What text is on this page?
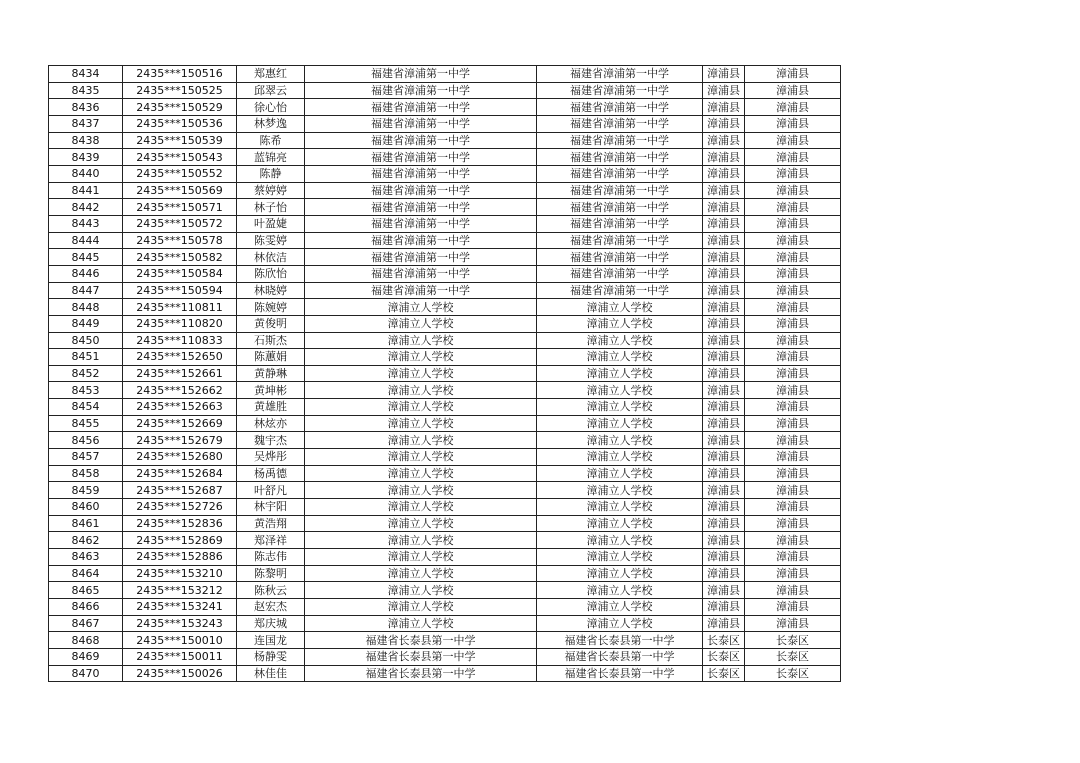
8434	2435***150516	郑惠红	福建省漳浦第一中学	福建省漳浦第一中学	漳浦县	漳浦县
8435	2435***150525	邱翠云	福建省漳浦第一中学	福建省漳浦第一中学	漳浦县	漳浦县
8436	2435***150529	徐心怡	福建省漳浦第一中学	福建省漳浦第一中学	漳浦县	漳浦县
8437	2435***150536	林梦逸	福建省漳浦第一中学	福建省漳浦第一中学	漳浦县	漳浦县
8438	2435***150539	陈希	福建省漳浦第一中学	福建省漳浦第一中学	漳浦县	漳浦县
8439	2435***150543	蓝锦亮	福建省漳浦第一中学	福建省漳浦第一中学	漳浦县	漳浦县
8440	2435***150552	陈静	福建省漳浦第一中学	福建省漳浦第一中学	漳浦县	漳浦县
8441	2435***150569	蔡婷婷	福建省漳浦第一中学	福建省漳浦第一中学	漳浦县	漳浦县
8442	2435***150571	林子怡	福建省漳浦第一中学	福建省漳浦第一中学	漳浦县	漳浦县
8443	2435***150572	叶盈婕	福建省漳浦第一中学	福建省漳浦第一中学	漳浦县	漳浦县
8444	2435***150578	陈雯婷	福建省漳浦第一中学	福建省漳浦第一中学	漳浦县	漳浦县
8445	2435***150582	林依洁	福建省漳浦第一中学	福建省漳浦第一中学	漳浦县	漳浦县
8446	2435***150584	陈欣怡	福建省漳浦第一中学	福建省漳浦第一中学	漳浦县	漳浦县
8447	2435***150594	林晓婷	福建省漳浦第一中学	福建省漳浦第一中学	漳浦县	漳浦县
8448	2435***110811	陈婉婷	漳浦立人学校	漳浦立人学校	漳浦县	漳浦县
8449	2435***110820	黄俊明	漳浦立人学校	漳浦立人学校	漳浦县	漳浦县
8450	2435***110833	石斯杰	漳浦立人学校	漳浦立人学校	漳浦县	漳浦县
8451	2435***152650	陈蕙娟	漳浦立人学校	漳浦立人学校	漳浦县	漳浦县
8452	2435***152661	黄静琳	漳浦立人学校	漳浦立人学校	漳浦县	漳浦县
8453	2435***152662	黄坤彬	漳浦立人学校	漳浦立人学校	漳浦县	漳浦县
8454	2435***152663	黄雄胜	漳浦立人学校	漳浦立人学校	漳浦县	漳浦县
8455	2435***152669	林炫亦	漳浦立人学校	漳浦立人学校	漳浦县	漳浦县
8456	2435***152679	魏宇杰	漳浦立人学校	漳浦立人学校	漳浦县	漳浦县
8457	2435***152680	吴烨彤	漳浦立人学校	漳浦立人学校	漳浦县	漳浦县
8458	2435***152684	杨禹德	漳浦立人学校	漳浦立人学校	漳浦县	漳浦县
8459	2435***152687	叶舒凡	漳浦立人学校	漳浦立人学校	漳浦县	漳浦县
8460	2435***152726	林宇阳	漳浦立人学校	漳浦立人学校	漳浦县	漳浦县
8461	2435***152836	黄浩翔	漳浦立人学校	漳浦立人学校	漳浦县	漳浦县
8462	2435***152869	郑泽祥	漳浦立人学校	漳浦立人学校	漳浦县	漳浦县
8463	2435***152886	陈志伟	漳浦立人学校	漳浦立人学校	漳浦县	漳浦县
8464	2435***153210	陈黎明	漳浦立人学校	漳浦立人学校	漳浦县	漳浦县
8465	2435***153212	陈秋云	漳浦立人学校	漳浦立人学校	漳浦县	漳浦县
8466	2435***153241	赵宏杰	漳浦立人学校	漳浦立人学校	漳浦县	漳浦县
8467	2435***153243	郑庆城	漳浦立人学校	漳浦立人学校	漳浦县	漳浦县
8468	2435***150010	连国龙	福建省长泰县第一中学	福建省长泰县第一中学	长泰区	长泰区
8469	2435***150011	杨静雯	福建省长泰县第一中学	福建省长泰县第一中学	长泰区	长泰区
8470	2435***150026	林佳佳	福建省长泰县第一中学	福建省长泰县第一中学	长泰区	长泰区
